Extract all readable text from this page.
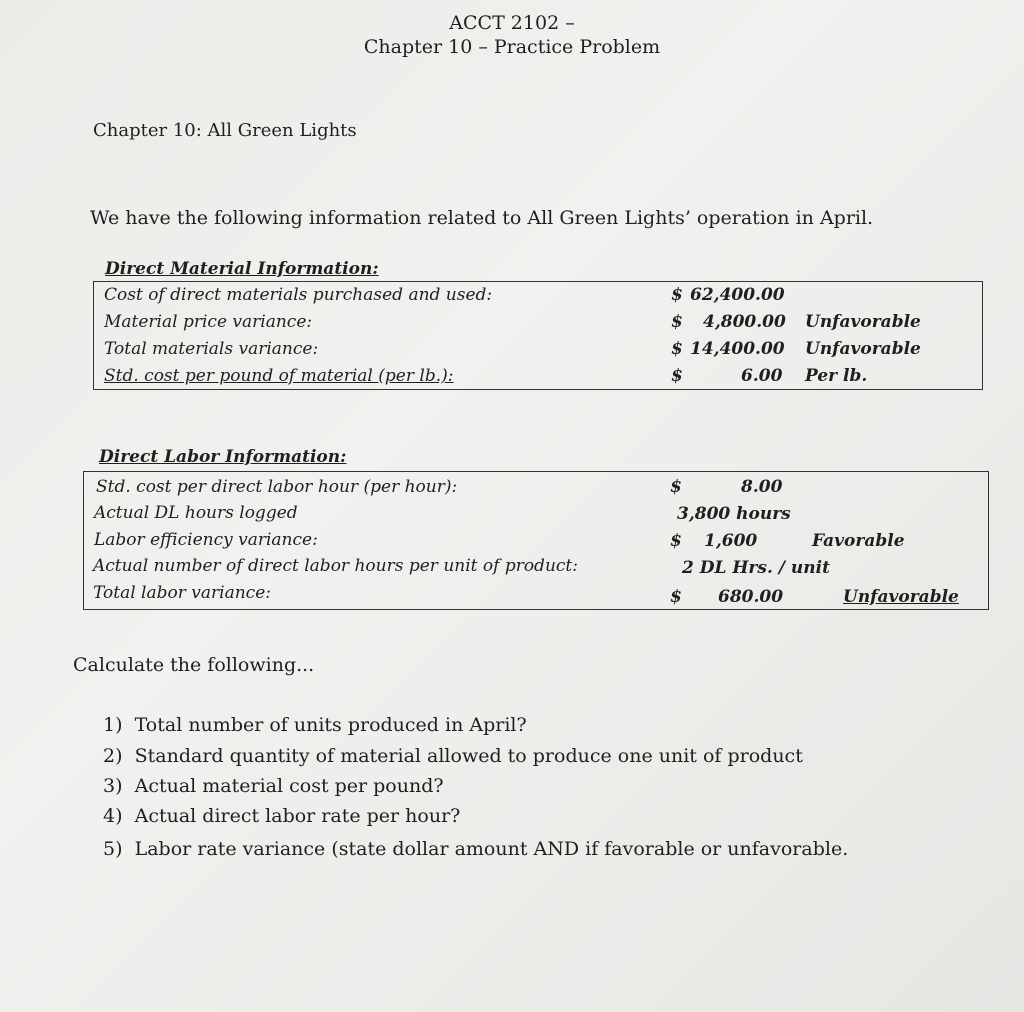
ACCT 2102 –
Chapter 10 – Practice Problem
Chapter 10: All Green Lights
We have the following information related to All Green Lights’ operation in April.
Direct Material Information:
Cost of direct materials purchased and used:	$ 62,400.00
Material price variance:	$ 4,800.00 Unfavorable
Total materials variance:	$ 14,400.00 Unfavorable
Std. cost per pound of material (per lb.):	$	6.00 Per lb.
Direct Labor Information:
Std. cost per direct labor hour (per hour):	$	8.00
Actual DL hours logged	3,800 hours
Labor efficiency variance:	$ 1,600	Favorable
Actual number of direct labor hours per unit of product:	2 DL Hrs. / unit
Total labor variance:	$ 680.00	Unfavorable
Calculate the following...
1) Total number of units produced in April?
2) Standard quantity of material allowed to produce one unit of product
3) Actual material cost per pound?
4) Actual direct labor rate per hour?
5) Labor rate variance (state dollar amount AND if favorable or unfavorable.
